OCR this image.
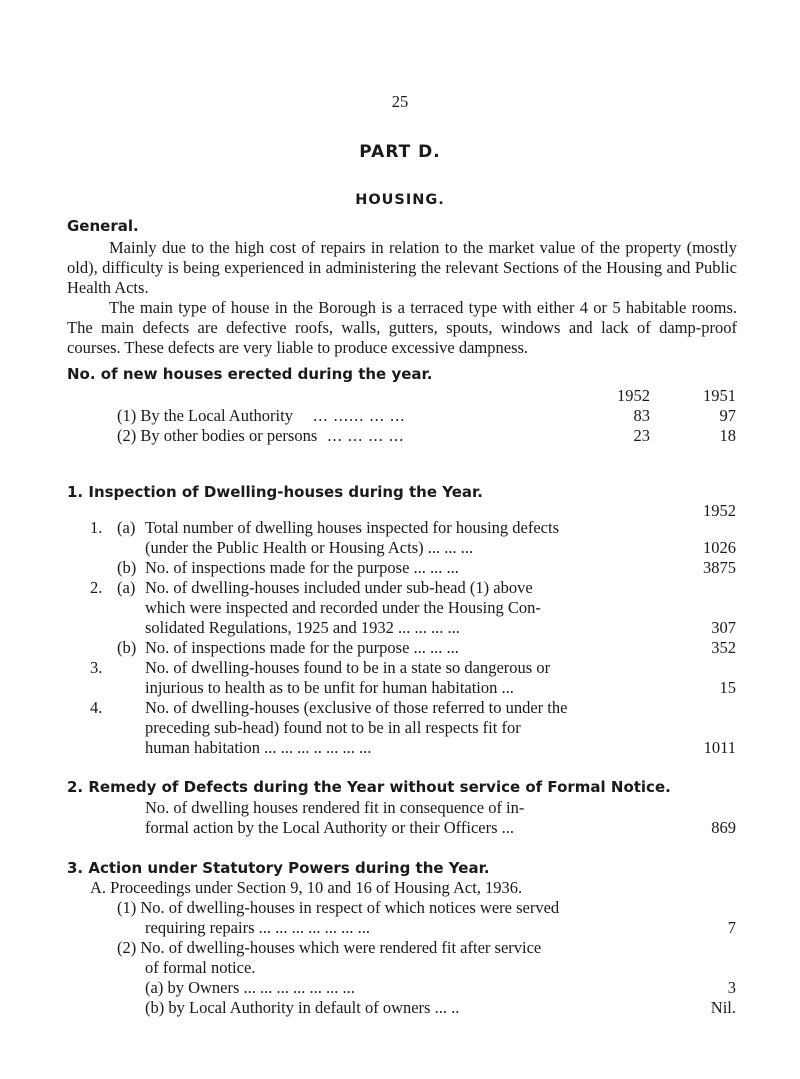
25
PART D.
HOUSING.
General.

Mainly due to the high cost of repairs in relation to the market value of the property (mostly old), difficulty is being experienced in administering the relevant Sections of the Housing and Public Health Acts.

The main type of house in the Borough is a terraced type with either 4 or 5 habitable rooms. The main defects are defective roofs, walls, gutters, spouts, windows and lack of damp-proof courses. These defects are very liable to produce excessive dampness.

No. of new houses erected during the year.
1952	1951
(1) By the Local Authority ... ...... ... ...	83	97
(2) By other bodies or persons ... ... ... ...	23	18
1. Inspection of Dwelling-houses during the Year.
1952
1. (a) Total number of dwelling houses inspected for housing defects
(under the Public Health or Housing Acts) ... ... ...	1026
(b) No. of inspections made for the purpose ... ... ...	3875
2. (a) No. of dwelling-houses included under sub-head (1) above
which were inspected and recorded under the Housing Con-
solidated Regulations, 1925 and 1932 ... ... ... ...	307
(b) No. of inspections made for the purpose ... ... ...	352
3.	No. of dwelling-houses found to be in a state so dangerous or
injurious to health as to be unfit for human habitation ...	15
4.	No. of dwelling-houses (exclusive of those referred to under the
preceding sub-head) found not to be in all respects fit for
human habitation ... ... ... .. ... ... ...	1011
2. Remedy of Defects during the Year without service of Formal Notice.
No. of dwelling houses rendered fit in consequence of in-
formal action by the Local Authority or their Officers ...	869
3. Action under Statutory Powers during the Year.
A. Proceedings under Section 9, 10 and 16 of Housing Act, 1936.
(1) No. of dwelling-houses in respect of which notices were served
requiring repairs ... ... ... ... ... ... ...	7
(2) No. of dwelling-houses which were rendered fit after service
of formal notice.
(a) by Owners ... ... ... ... ... ... ...	3
(b) by Local Authority in default of owners ... ..	Nil.
